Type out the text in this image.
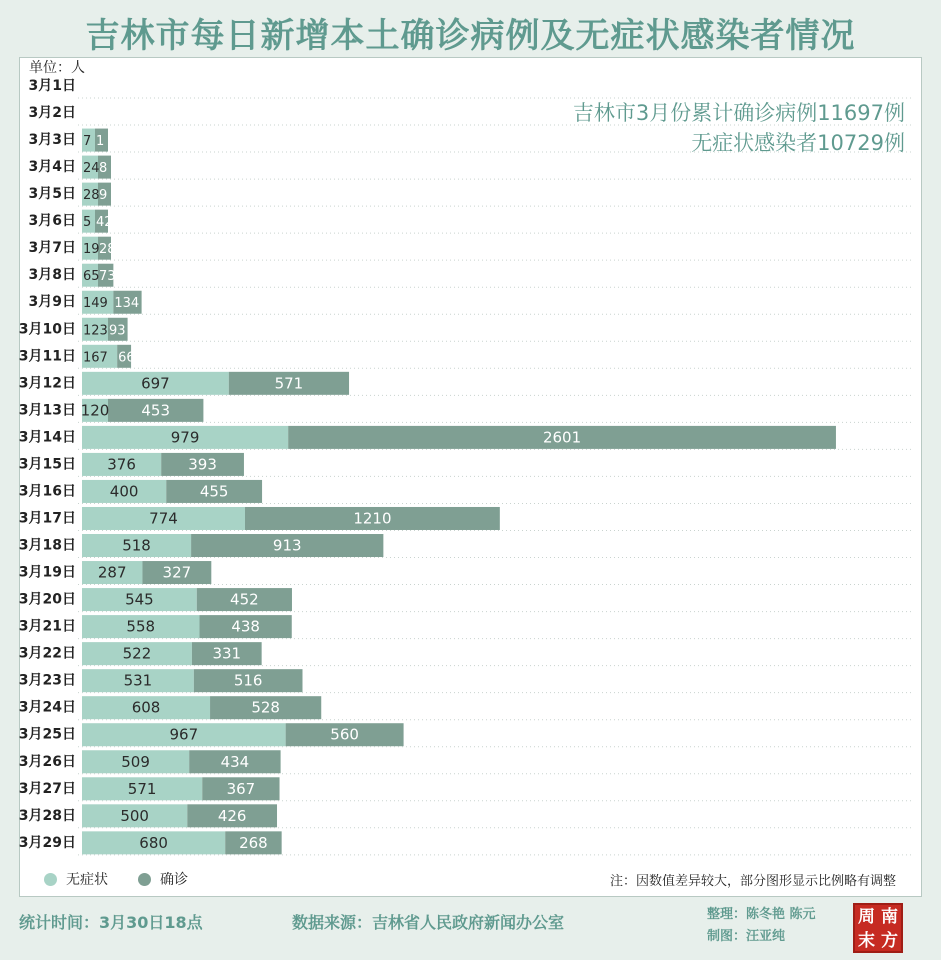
吉林市每日新增本土确诊病例及无症状感染者情况
3月1日
3月2日
3月3日 7 1
3月4日 24 8
3月5日 28 9
3月6日 5 42
3月7日 19 28
3月8日 65 73
3月9日 149 134
3月10日 123 93
3月11日 167 66
3月12日	697	571
3月13日 120 453
3月14日	979	2601
3月15日 376	393
3月16日 400	455
3月17日	774	1210
3月18日	518	913
3月19日 287 327
3月20日	545	452
3月21日	558	438
3月22日	522	331
3月23日	531	516
3月24日	608	528
3月25日	967	560
3月26日	509	434
3月27日	571	367
3月28日	500	426
3月29日	680	268
单位：人
吉林市3月份累计确诊病例11697例
无症状感染者10729例
无症状	确诊	注：因数值差异较大，部分图形显示比例略有调整
统计时间：3月30日18点	数据来源：吉林省人民政府新闻办公室	整理：陈冬艳 陈元
制图：汪亚纯
周 南
末 方
